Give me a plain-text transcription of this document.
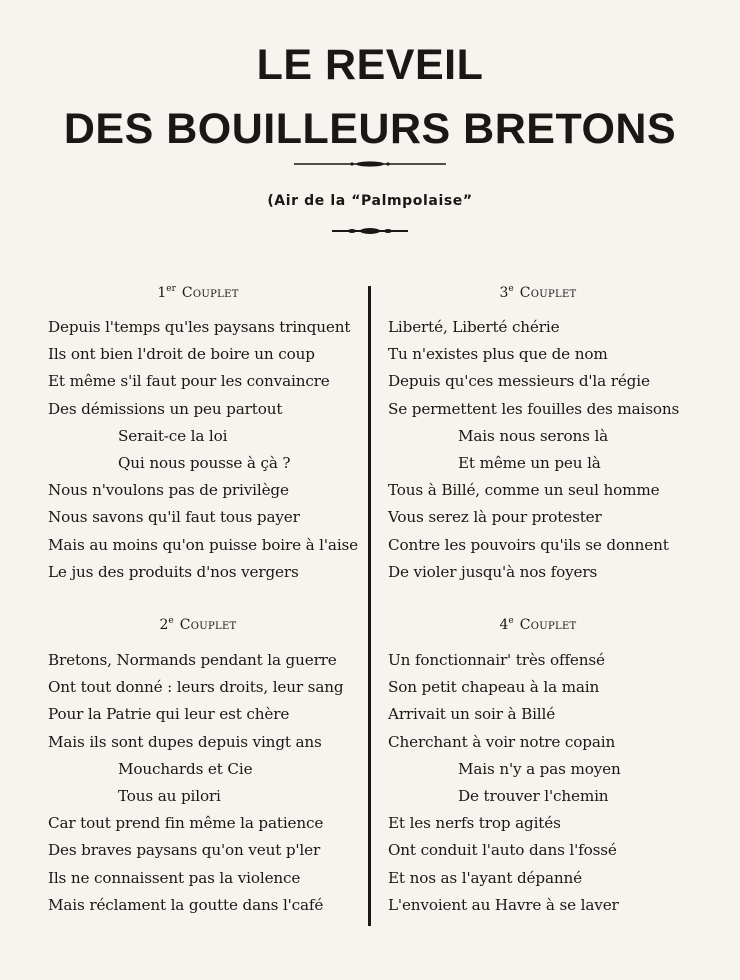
LE REVEIL
DES BOUILLEURS BRETONS
(Air de la “Palmpolaise”
1er Couplet
Depuis l'temps qu'les paysans trinquent
Ils ont bien l'droit de boire un coup
Et même s'il faut pour les convaincre
Des démissions un peu partout
Serait-ce la loi
Qui nous pousse à çà ?
Nous n'voulons pas de privilège
Nous savons qu'il faut tous payer
Mais au moins qu'on puisse boire à l'aise
Le jus des produits d'nos vergers
2e Couplet
Bretons, Normands pendant la guerre
Ont tout donné : leurs droits, leur sang
Pour la Patrie qui leur est chère
Mais ils sont dupes depuis vingt ans
Mouchards et Cie
Tous au pilori
Car tout prend fin même la patience
Des braves paysans qu'on veut p'ler
Ils ne connaissent pas la violence
Mais réclament la goutte dans l'café
3e Couplet
Liberté, Liberté chérie
Tu n'existes plus que de nom
Depuis qu'ces messieurs d'la régie
Se permettent les fouilles des maisons
Mais nous serons là
Et même un peu là
Tous à Billé, comme un seul homme
Vous serez là pour protester
Contre les pouvoirs qu'ils se donnent
De violer jusqu'à nos foyers
4e Couplet
Un fonctionnair' très offensé
Son petit chapeau à la main
Arrivait un soir à Billé
Cherchant à voir notre copain
Mais n'y a pas moyen
De trouver l'chemin
Et les nerfs trop agités
Ont conduit l'auto dans l'fossé
Et nos as l'ayant dépanné
L'envoient au Havre à se laver
